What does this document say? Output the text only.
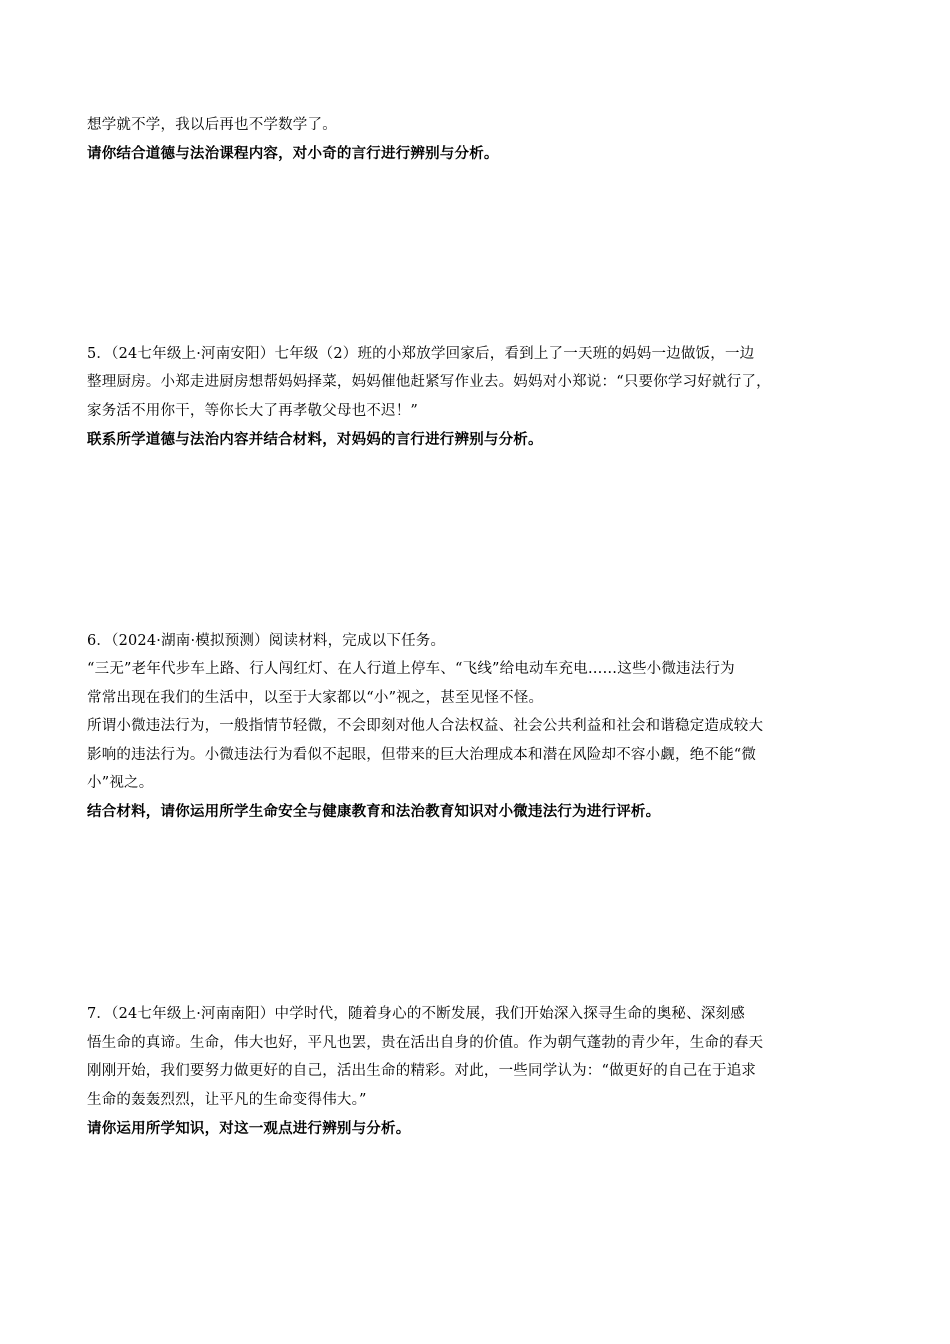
想学就不学，我以后再也不学数学了。
请你结合道德与法治课程内容，对小奇的言行进行辨别与分析。
5．（24七年级上·河南安阳）七年级（2）班的小郑放学回家后，看到上了一天班的妈妈一边做饭，一边
整理厨房。小郑走进厨房想帮妈妈择菜，妈妈催他赶紧写作业去。妈妈对小郑说：“只要你学习好就行了，
家务活不用你干，等你长大了再孝敬父母也不迟！”
联系所学道德与法治内容并结合材料，对妈妈的言行进行辨别与分析。
6．（2024·湖南·模拟预测）阅读材料，完成以下任务。
“三无”老年代步车上路、行人闯红灯、在人行道上停车、“飞线”给电动车充电……这些小微违法行为
常常出现在我们的生活中，以至于大家都以“小”视之，甚至见怪不怪。
所谓小微违法行为，一般指情节轻微，不会即刻对他人合法权益、社会公共利益和社会和谐稳定造成较大
影响的违法行为。小微违法行为看似不起眼，但带来的巨大治理成本和潜在风险却不容小觑，绝不能“微
小”视之。
结合材料，请你运用所学生命安全与健康教育和法治教育知识对小微违法行为进行评析。
7．（24七年级上·河南南阳）中学时代，随着身心的不断发展，我们开始深入探寻生命的奥秘、深刻感
悟生命的真谛。生命，伟大也好，平凡也罢，贵在活出自身的价值。作为朝气蓬勃的青少年，生命的春天
刚刚开始，我们要努力做更好的自己，活出生命的精彩。对此，一些同学认为：“做更好的自己在于追求
生命的轰轰烈烈，让平凡的生命变得伟大。”
请你运用所学知识，对这一观点进行辨别与分析。
